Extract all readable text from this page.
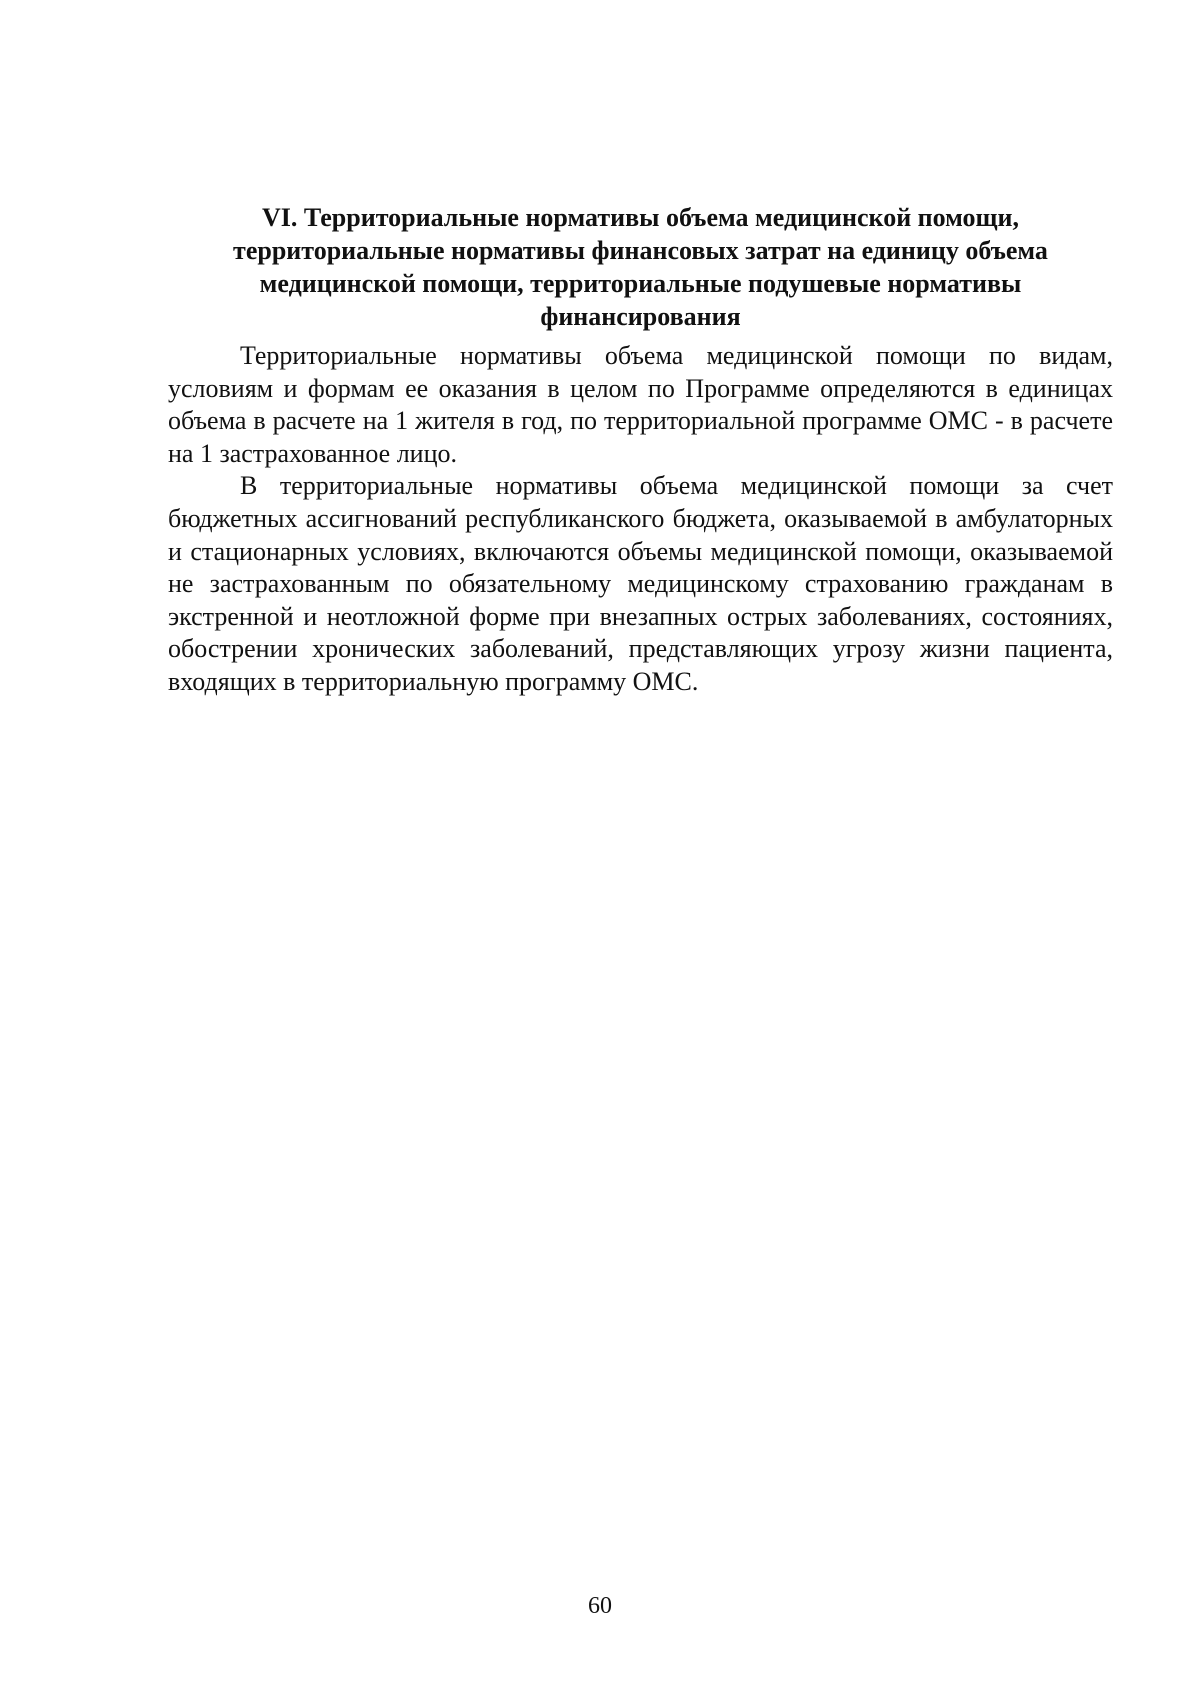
VI. Территориальные нормативы объема медицинской помощи,
территориальные нормативы финансовых затрат на единицу объема
медицинской помощи, территориальные подушевые нормативы
финансирования

Территориальные нормативы объема медицинской помощи по видам, условиям и формам ее оказания в целом по Программе определяются в единицах объема в расчете на 1 жителя в год, по территориальной программе ОМС - в расчете на 1 застрахованное лицо.

В территориальные нормативы объема медицинской помощи за счет бюджетных ассигнований республиканского бюджета, оказываемой в амбулаторных и стационарных условиях, включаются объемы медицинской помощи, оказываемой не застрахованным по обязательному медицинскому страхованию гражданам в экстренной и неотложной форме при внезапных острых заболеваниях, состояниях, обострении хронических заболеваний, представляющих угрозу жизни пациента, входящих в территориальную программу ОМС.

60
